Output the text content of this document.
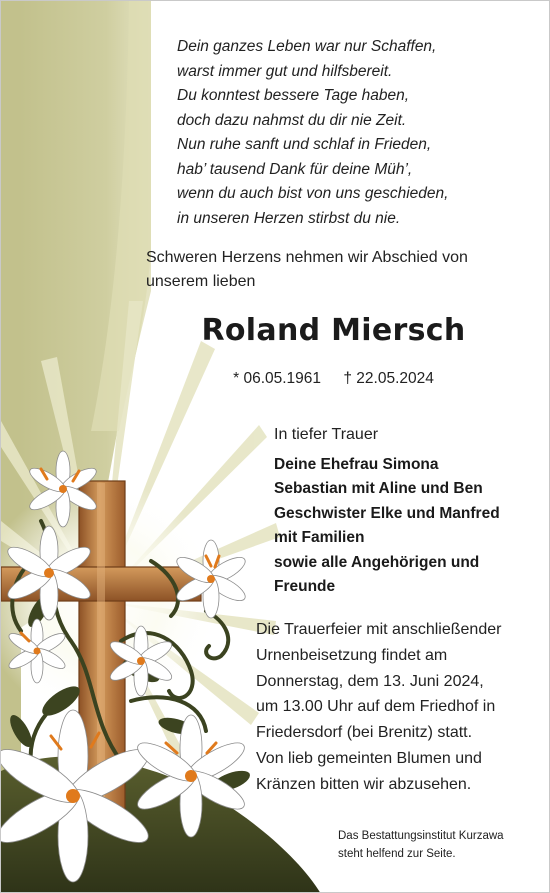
Dein ganzes Leben war nur Schaffen,
warst immer gut und hilfsbereit.
Du konntest bessere Tage haben,
doch dazu nahmst du dir nie Zeit.
Nun ruhe sanft und schlaf in Frieden,
hab’ tausend Dank für deine Müh’,
wenn du auch bist von uns geschieden,
in unseren Herzen stirbst du nie.
Schweren Herzens nehmen wir Abschied von
unserem lieben
Roland Miersch
* 06.05.1961 † 22.05.2024
In tiefer Trauer
Deine Ehefrau Simona
Sebastian mit Aline und Ben
Geschwister Elke und Manfred
mit Familien
sowie alle Angehörigen und
Freunde
Die Trauerfeier mit anschließender
Urnenbeisetzung findet am
Donnerstag, dem 13. Juni 2024,
um 13.00 Uhr auf dem Friedhof in
Friedersdorf (bei Brenitz) statt.
Von lieb gemeinten Blumen und
Kränzen bitten wir abzusehen.
Das Bestattungsinstitut Kurzawa
steht helfend zur Seite.
